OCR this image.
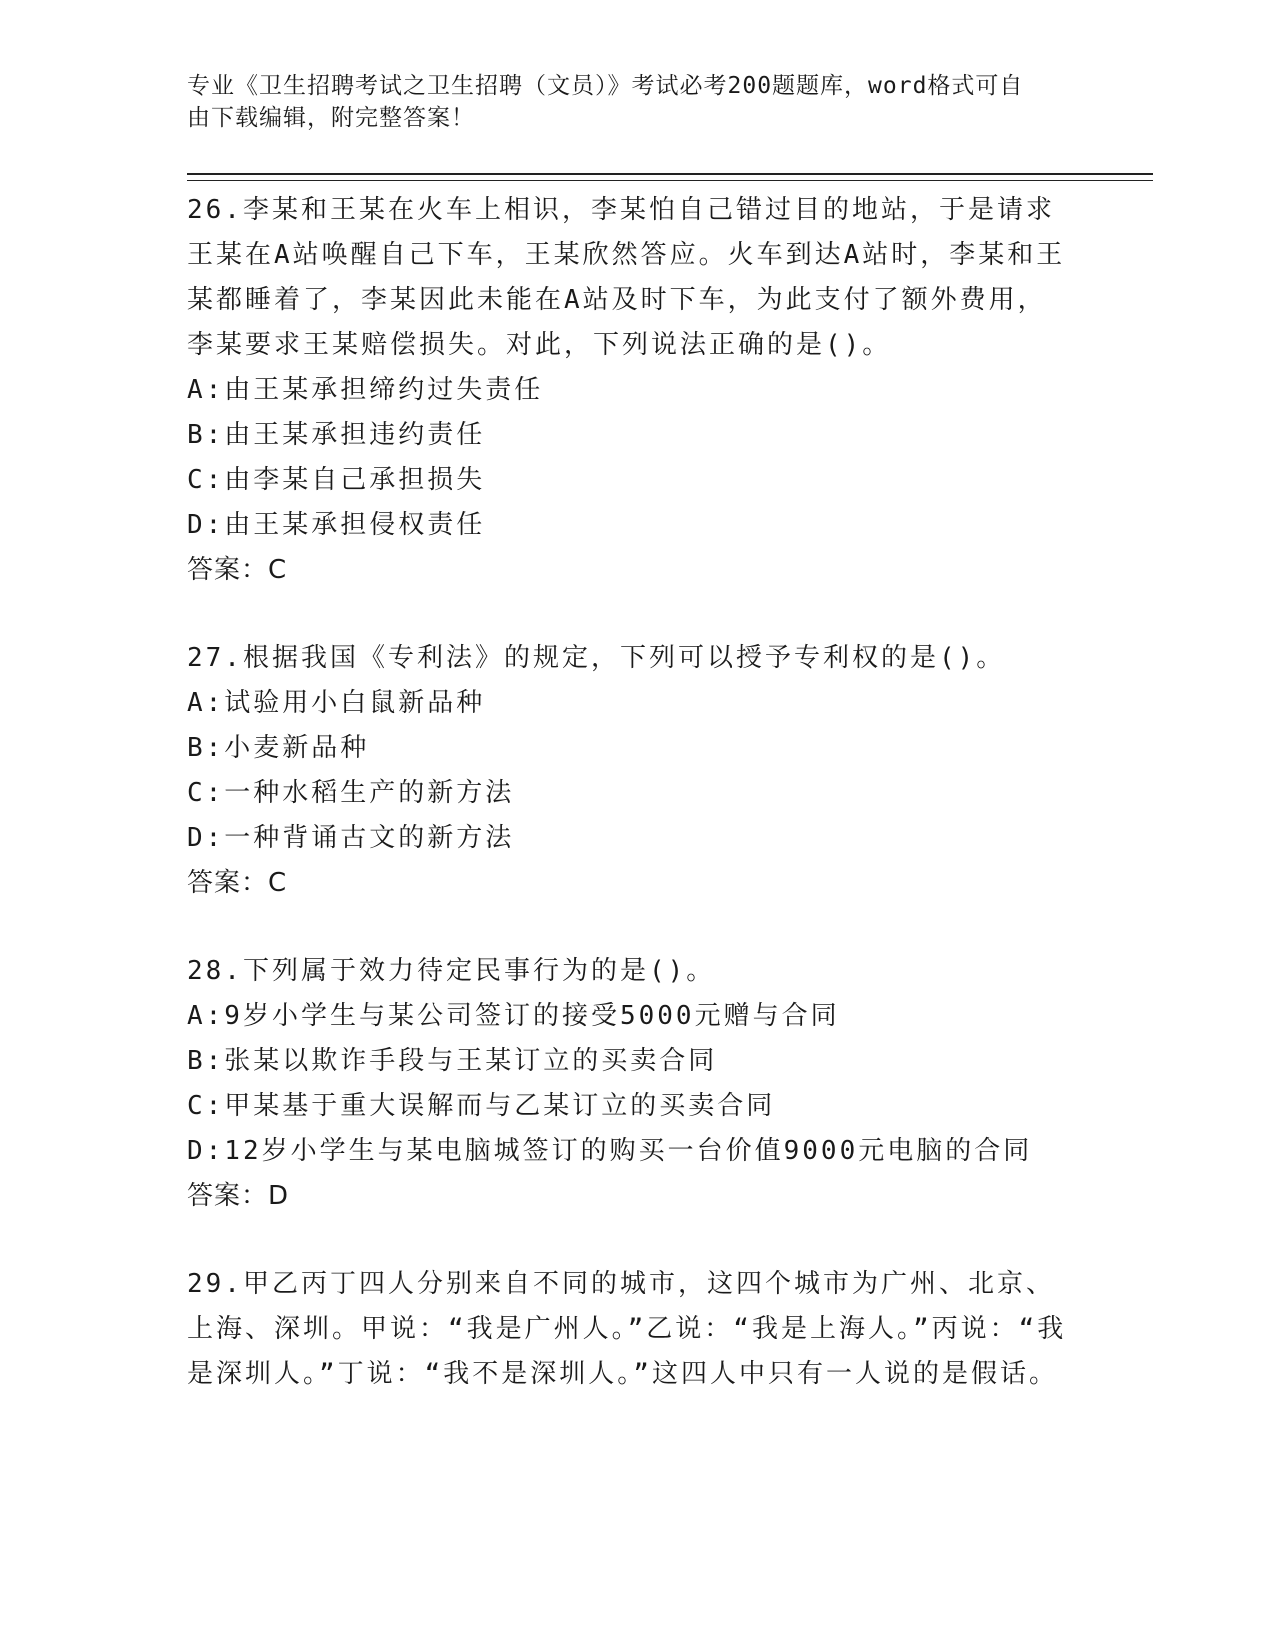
专业《卫生招聘考试之卫生招聘（文员）》考试必考200题题库，word格式可自
由下载编辑，附完整答案！
26.李某和王某在火车上相识，李某怕自己错过目的地站，于是请求王某在A站唤醒自己下车，王某欣然答应。火车到达A站时，李某和王某都睡着了，李某因此未能在A站及时下车，为此支付了额外费用，李某要求王某赔偿损失。对此，下列说法正确的是()。
A:由王某承担缔约过失责任
B:由王某承担违约责任
C:由李某自己承担损失
D:由王某承担侵权责任
答案：C
27.根据我国《专利法》的规定，下列可以授予专利权的是()。
A:试验用小白鼠新品种
B:小麦新品种
C:一种水稻生产的新方法
D:一种背诵古文的新方法
答案：C
28.下列属于效力待定民事行为的是()。
A:9岁小学生与某公司签订的接受5000元赠与合同
B:张某以欺诈手段与王某订立的买卖合同
C:甲某基于重大误解而与乙某订立的买卖合同
D:12岁小学生与某电脑城签订的购买一台价值9000元电脑的合同
答案：D
29.甲乙丙丁四人分别来自不同的城市，这四个城市为广州、北京、上海、深圳。甲说：“我是广州人。”乙说：“我是上海人。”丙说：“我是深圳人。”丁说：“我不是深圳人。”这四人中只有一人说的是假话。
